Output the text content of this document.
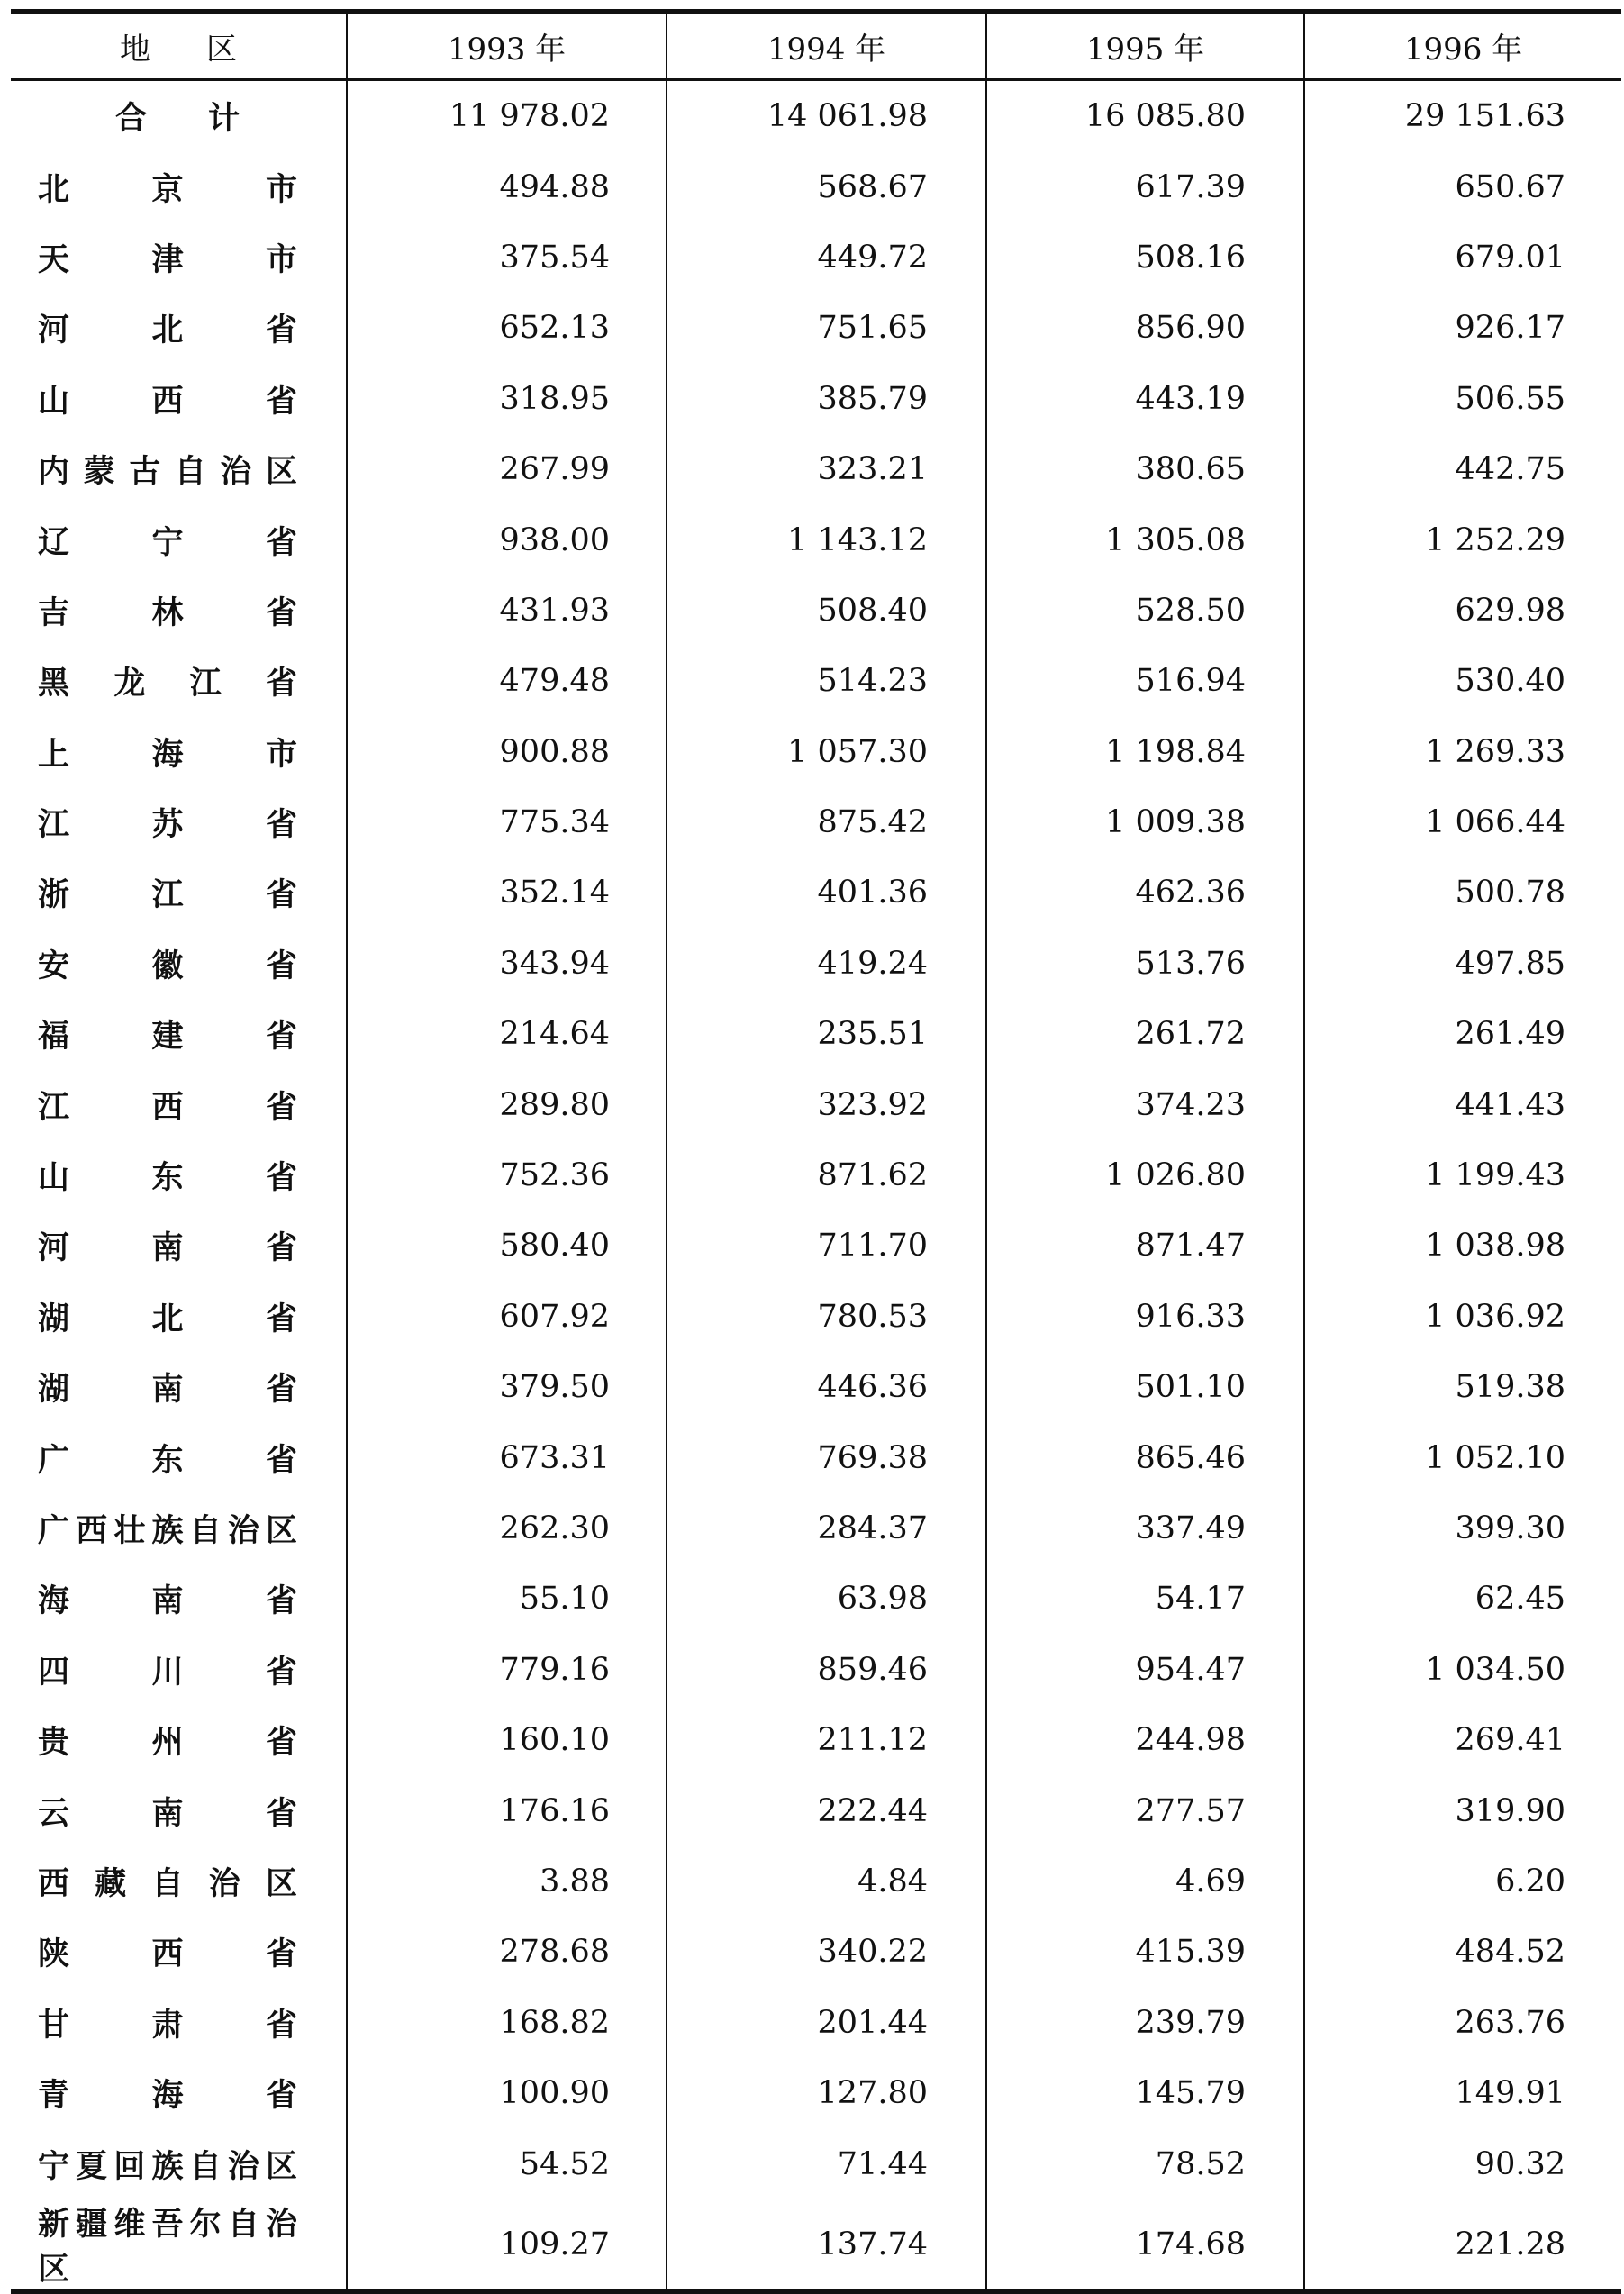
地　区	1993 年	1994 年	1995 年	1996 年
合　计	11 978.02	14 061.98	16 085.80	29 151.63

北京市	494.88	568.67	617.39	650.67

天津市	375.54	449.72	508.16	679.01

河北省	652.13	751.65	856.90	926.17

山西省	318.95	385.79	443.19	506.55

内蒙古自治区	267.99	323.21	380.65	442.75

辽宁省	938.00	1 143.12	1 305.08	1 252.29

吉林省	431.93	508.40	528.50	629.98

黑龙江省	479.48	514.23	516.94	530.40

上海市	900.88	1 057.30	1 198.84	1 269.33

江苏省	775.34	875.42	1 009.38	1 066.44

浙江省	352.14	401.36	462.36	500.78

安徽省	343.94	419.24	513.76	497.85

福建省	214.64	235.51	261.72	261.49

江西省	289.80	323.92	374.23	441.43

山东省	752.36	871.62	1 026.80	1 199.43

河南省	580.40	711.70	871.47	1 038.98

湖北省	607.92	780.53	916.33	1 036.92

湖南省	379.50	446.36	501.10	519.38

广东省	673.31	769.38	865.46	1 052.10

广西壮族自治区	262.30	284.37	337.49	399.30

海南省	55.10	63.98	54.17	62.45

四川省	779.16	859.46	954.47	1 034.50

贵州省	160.10	211.12	244.98	269.41

云南省	176.16	222.44	277.57	319.90

西藏自治区	3.88	4.84	4.69	6.20

陕西省	278.68	340.22	415.39	484.52

甘肃省	168.82	201.44	239.79	263.76

青海省	100.90	127.80	145.79	149.91

宁夏回族自治区	54.52	71.44	78.52	90.32

新疆维吾尔自治区	109.27	137.74	174.68	221.28
